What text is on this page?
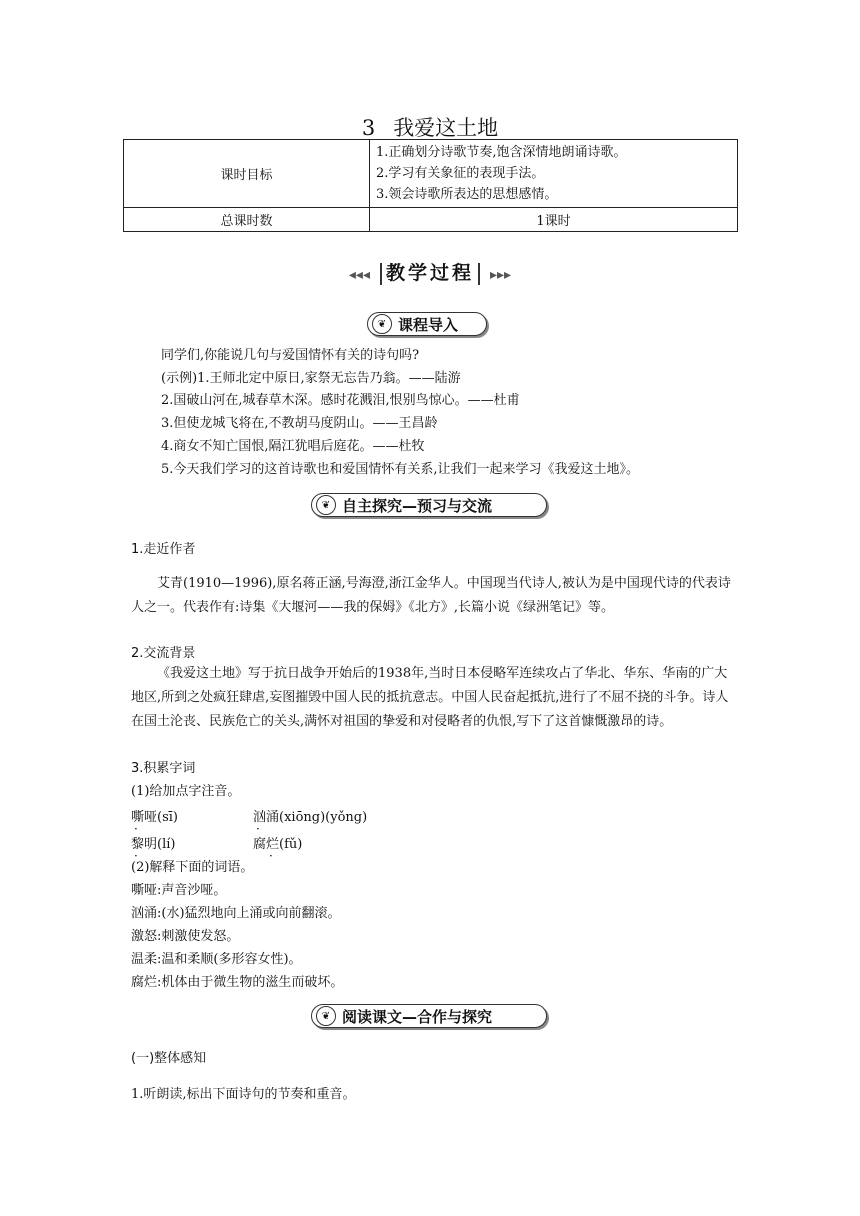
3 我爱这土地
课时目标	1.正确划分诗歌节奏,饱含深情地朗诵诗歌。
2.学习有关象征的表现手法。
3.领会诗歌所表达的思想感情。

总课时数	1课时
◂◂◂ 教学过程 ▸▸▸
❦ 课程导入
同学们,你能说几句与爱国情怀有关的诗句吗?
(示例)1.王师北定中原日,家祭无忘告乃翁。——陆游
2.国破山河在,城春草木深。感时花溅泪,恨别鸟惊心。——杜甫
3.但使龙城飞将在,不教胡马度阴山。——王昌龄
4.商女不知亡国恨,隔江犹唱后庭花。——杜牧
5.今天我们学习的这首诗歌也和爱国情怀有关系,让我们一起来学习《我爱这土地》。
❦ 自主探究—预习与交流
1.走近作者
艾青(1910—1996),原名蒋正涵,号海澄,浙江金华人。中国现当代诗人,被认为是中国现代诗的代表诗人之一。代表作有:诗集《大堰河——我的保姆》《北方》,长篇小说《绿洲笔记》等。
2.交流背景
《我爱这土地》写于抗日战争开始后的1938年,当时日本侵略军连续攻占了华北、华东、华南的广大地区,所到之处疯狂肆虐,妄图摧毁中国人民的抵抗意志。中国人民奋起抵抗,进行了不屈不挠的斗争。诗人在国土沦丧、民族危亡的关头,满怀对祖国的挚爱和对侵略者的仇恨,写下了这首慷慨激昂的诗。
3.积累字词
(1)给加点字注音。
嘶哑(sī)	汹涌(xiōng)(yǒng)
黎明(lí)	腐烂(fǔ)
(2)解释下面的词语。
嘶哑:声音沙哑。
汹涌:(水)猛烈地向上涌或向前翻滚。
激怒:刺激使发怒。
温柔:温和柔顺(多形容女性)。
腐烂:机体由于微生物的滋生而破坏。
❦ 阅读课文—合作与探究
(一)整体感知
1.听朗读,标出下面诗句的节奏和重音。
